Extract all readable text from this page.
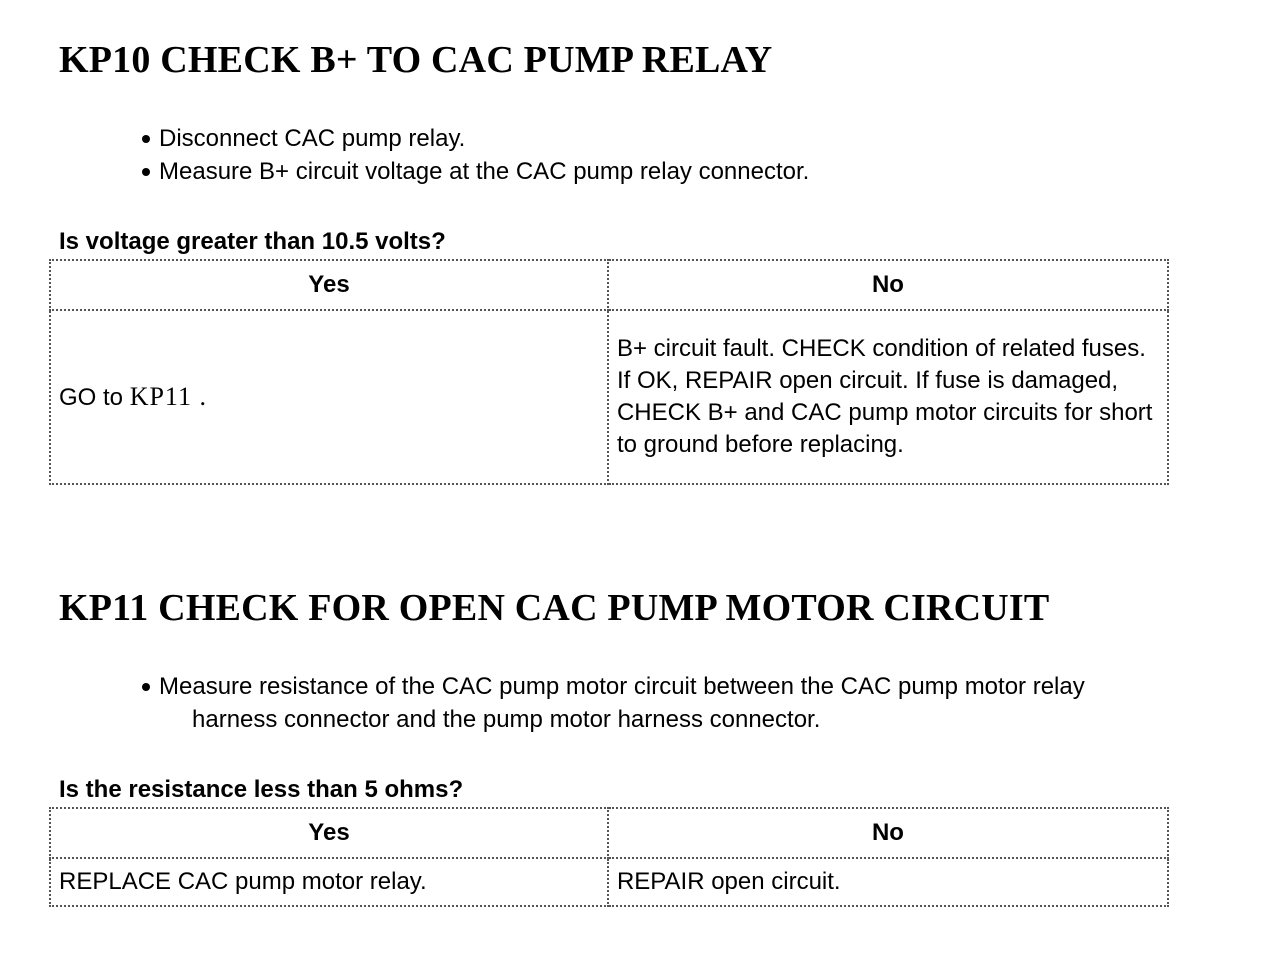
KP10 CHECK B+ TO CAC PUMP RELAY
Disconnect CAC pump relay.
Measure B+ circuit voltage at the CAC pump relay connector.

Is voltage greater than 10.5 volts?

Yes	No
GO to KP11 .	B+ circuit fault. CHECK condition of related fuses. If OK, REPAIR open circuit. If fuse is damaged, CHECK B+ and CAC pump motor circuits for short to ground before replacing.
KP11 CHECK FOR OPEN CAC PUMP MOTOR CIRCUIT
Measure resistance of the CAC pump motor circuit between the CAC pump motor relay
harness connector and the pump motor harness connector.

Is the resistance less than 5 ohms?

Yes	No
REPLACE CAC pump motor relay.	REPAIR open circuit.
